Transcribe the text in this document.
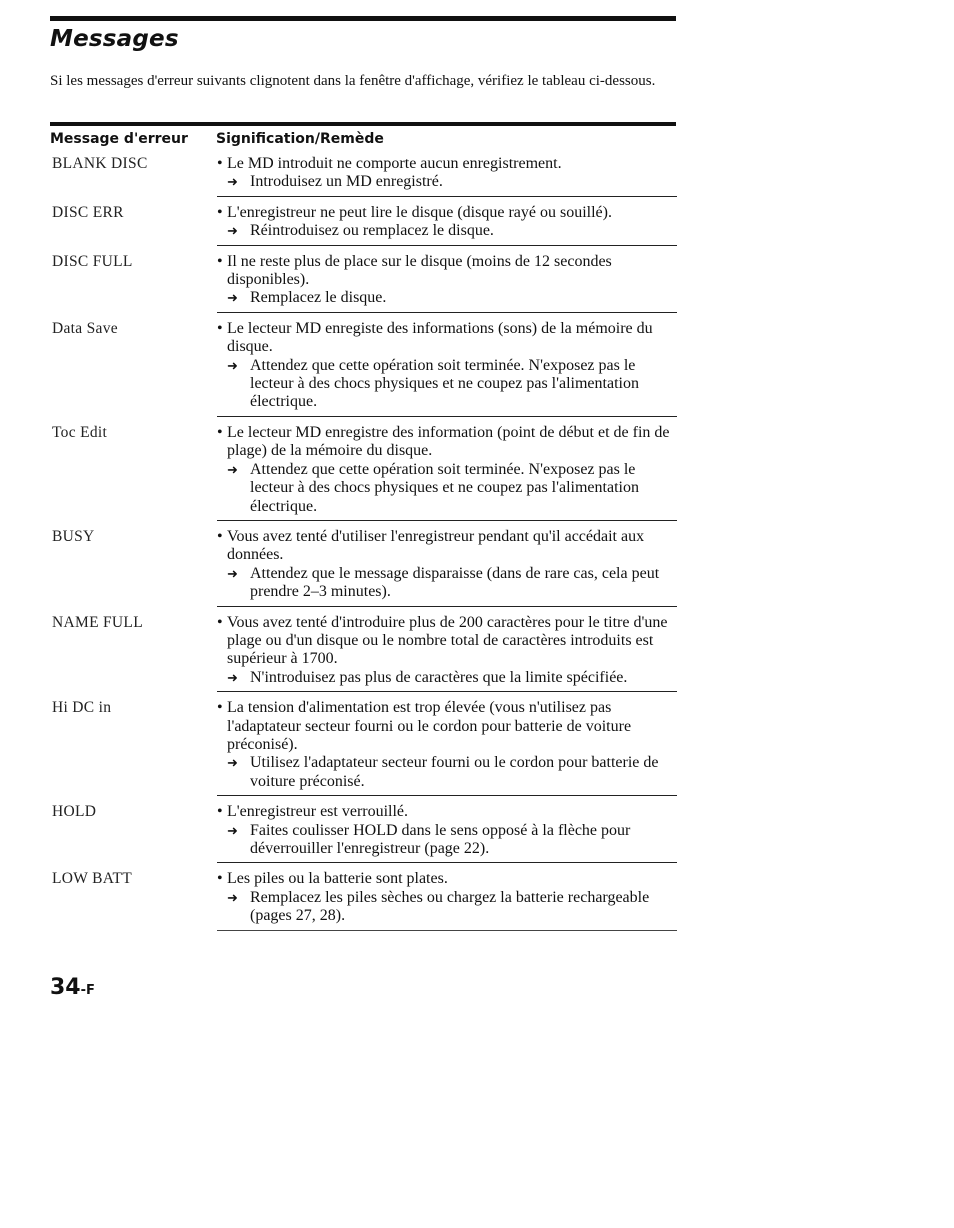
Messages

Si les messages d'erreur suivants clignotent dans la fenêtre d'affichage, vérifiez le tableau ci-dessous.

Message d'erreur Signification/Remède
BLANK DISC	• Le MD introduit ne comporte aucun enregistrement.
➜ Introduisez un MD enregistré.
DISC ERR	• L'enregistreur ne peut lire le disque (disque rayé ou souillé).
➜ Réintroduisez ou remplacez le disque.
DISC FULL	• Il ne reste plus de place sur le disque (moins de 12 secondes disponibles).
➜ Remplacez le disque.
Data Save	• Le lecteur MD enregiste des informations (sons) de la mémoire du disque.
➜ Attendez que cette opération soit terminée. N'exposez pas le lecteur à des chocs physiques et ne coupez pas l'alimentation électrique.
Toc Edit	• Le lecteur MD enregistre des information (point de début et de fin de plage) de la mémoire du disque.
➜ Attendez que cette opération soit terminée. N'exposez pas le lecteur à des chocs physiques et ne coupez pas l'alimentation électrique.
BUSY	• Vous avez tenté d'utiliser l'enregistreur pendant qu'il accédait aux données.
➜ Attendez que le message disparaisse (dans de rare cas, cela peut prendre 2–3 minutes).
NAME FULL	• Vous avez tenté d'introduire plus de 200 caractères pour le titre d'une plage ou d'un disque ou le nombre total de caractères introduits est supérieur à 1700.
➜ N'introduisez pas plus de caractères que la limite spécifiée.
Hi DC in	• La tension d'alimentation est trop élevée (vous n'utilisez pas l'adaptateur secteur fourni ou le cordon pour batterie de voiture préconisé).
➜ Utilisez l'adaptateur secteur fourni ou le cordon pour batterie de voiture préconisé.
HOLD	• L'enregistreur est verrouillé.
➜ Faites coulisser HOLD dans le sens opposé à la flèche pour déverrouiller l'enregistreur (page 22).
LOW BATT	• Les piles ou la batterie sont plates.
➜ Remplacez les piles sèches ou chargez la batterie rechargeable (pages 27, 28).
34-F
